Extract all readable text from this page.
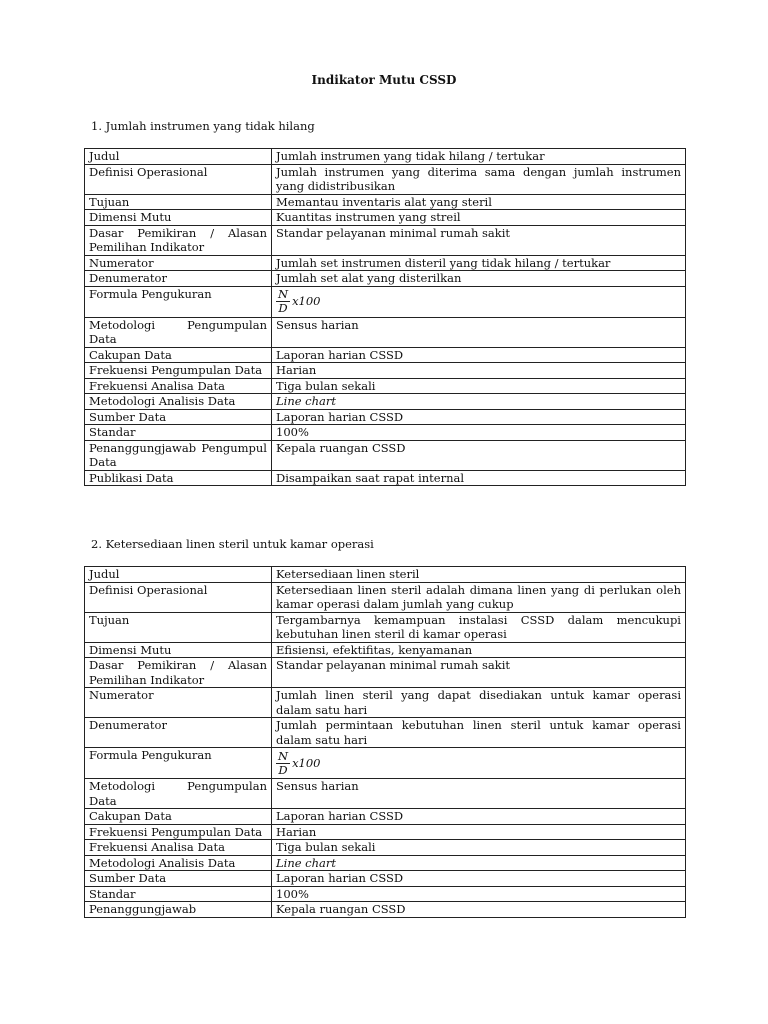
Indikator Mutu CSSD
1. Jumlah instrumen yang tidak hilang
Judul	Jumlah instrumen yang tidak hilang / tertukar
Definisi Operasional	Jumlah instrumen yang diterima sama dengan jumlah instrumen yang didistribusikan
Tujuan	Memantau inventaris alat yang steril
Dimensi Mutu	Kuantitas instrumen yang streil
Dasar Pemikiran / Alasan Pemilihan Indikator	Standar pelayanan minimal rumah sakit
Numerator	Jumlah set instrumen disteril yang tidak hilang / tertukar
Denumerator	Jumlah set alat yang disterilkan
Formula Pengukuran	$\frac{N}{D} x100$

Metodologi Pengumpulan Data	Sensus harian
Cakupan Data	Laporan harian CSSD
Frekuensi Pengumpulan Data	Harian
Frekuensi Analisa Data	Tiga bulan sekali
Metodologi Analisis Data	Line chart
Sumber Data	Laporan harian CSSD
Standar	100%
Penanggungjawab Pengumpul Data	Kepala ruangan CSSD
Publikasi Data	Disampaikan saat rapat internal
2. Ketersediaan linen steril untuk kamar operasi
Judul	Ketersediaan linen steril
Definisi Operasional	Ketersediaan linen steril adalah dimana linen yang di perlukan oleh kamar operasi dalam jumlah yang cukup
Tujuan	Tergambarnya kemampuan instalasi CSSD dalam mencukupi kebutuhan linen steril di kamar operasi
Dimensi Mutu	Efisiensi, efektifitas, kenyamanan
Dasar Pemikiran / Alasan Pemilihan Indikator	Standar pelayanan minimal rumah sakit
Numerator	Jumlah linen steril yang dapat disediakan untuk kamar operasi dalam satu hari
Denumerator	Jumlah permintaan kebutuhan linen steril untuk kamar operasi dalam satu hari
Formula Pengukuran	$\frac{N}{D} x100$

Metodologi Pengumpulan Data	Sensus harian
Cakupan Data	Laporan harian CSSD
Frekuensi Pengumpulan Data	Harian
Frekuensi Analisa Data	Tiga bulan sekali
Metodologi Analisis Data	Line chart
Sumber Data	Laporan harian CSSD
Standar	100%
Penanggungjawab	Kepala ruangan CSSD
